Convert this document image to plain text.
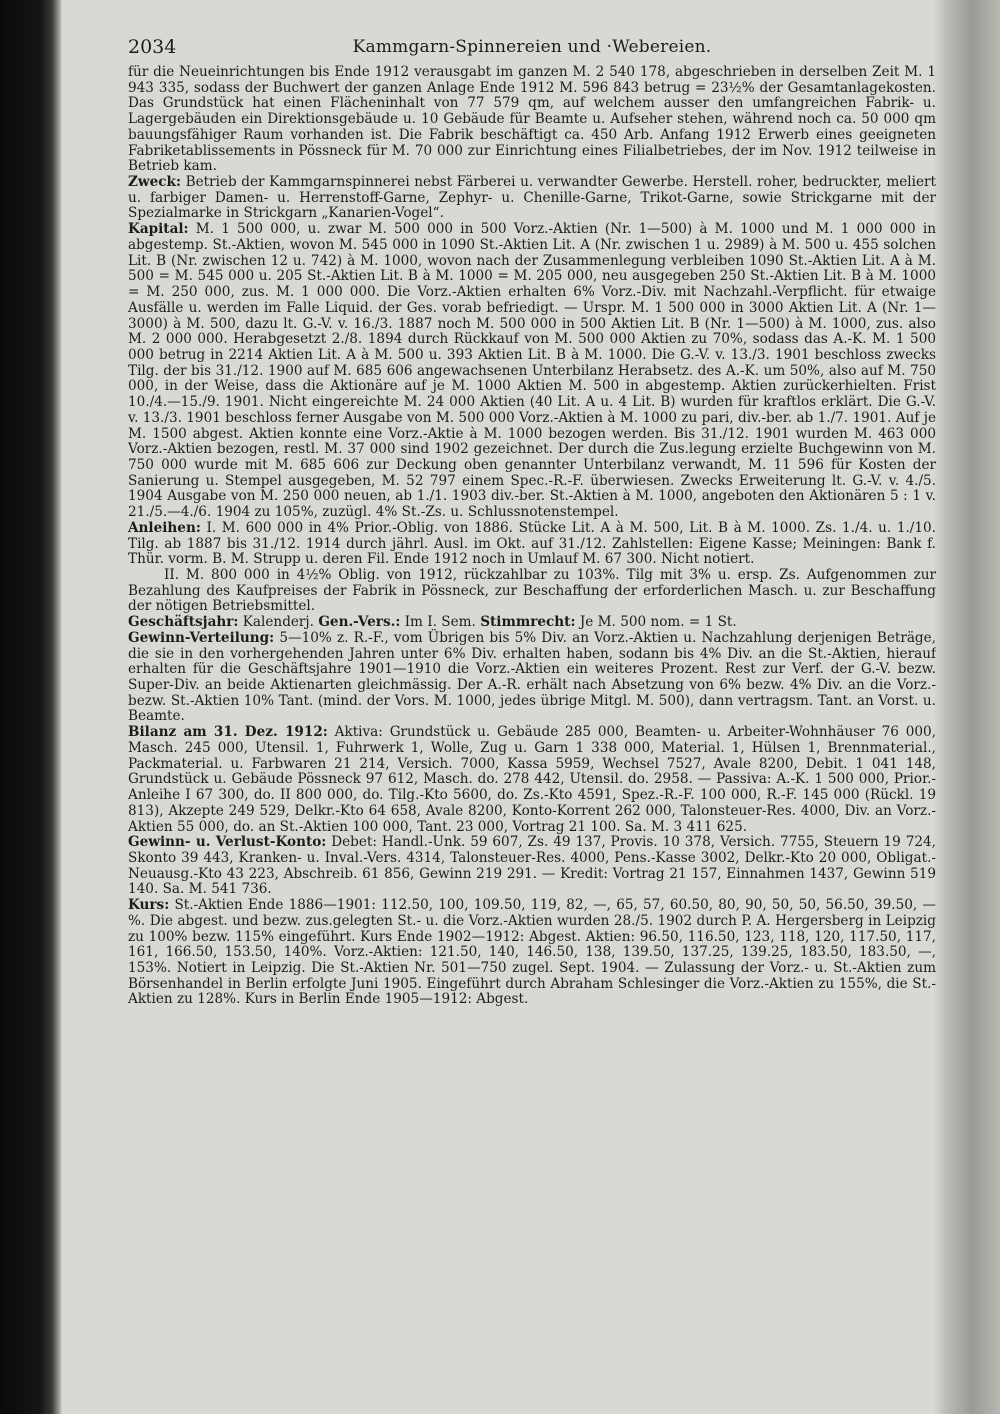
2034	Kammgarn-Spinnereien und ·Webereien.

für die Neueinrichtungen bis Ende 1912 verausgabt im ganzen M. 2 540 178, abgeschrieben in derselben Zeit M. 1 943 335, sodass der Buchwert der ganzen Anlage Ende 1912 M. 596 843 betrug = 23½% der Gesamtanlagekosten. Das Grundstück hat einen Flächeninhalt von 77 579 qm, auf welchem ausser den umfangreichen Fabrik- u. Lagergebäuden ein Direktionsgebäude u. 10 Gebäude für Beamte u. Aufseher stehen, während noch ca. 50 000 qm bauungsfähiger Raum vorhanden ist. Die Fabrik beschäftigt ca. 450 Arb. Anfang 1912 Erwerb eines geeigneten Fabriketablissements in Pössneck für M. 70 000 zur Einrichtung eines Filialbetriebes, der im Nov. 1912 teilweise in Betrieb kam.

Zweck: Betrieb der Kammgarnspinnerei nebst Färberei u. verwandter Gewerbe. Herstell. roher, bedruckter, meliert u. farbiger Damen- u. Herrenstoff-Garne, Zephyr- u. Chenille-Garne, Trikot-Garne, sowie Strickgarne mit der Spezialmarke in Strickgarn „Kanarien-Vogel“.

Kapital: M. 1 500 000, u. zwar M. 500 000 in 500 Vorz.-Aktien (Nr. 1—500) à M. 1000 und M. 1 000 000 in abgestemp. St.-Aktien, wovon M. 545 000 in 1090 St.-Aktien Lit. A (Nr. zwischen 1 u. 2989) à M. 500 u. 455 solchen Lit. B (Nr. zwischen 12 u. 742) à M. 1000, wovon nach der Zusammenlegung verbleiben 1090 St.-Aktien Lit. A à M. 500 = M. 545 000 u. 205 St.-Aktien Lit. B à M. 1000 = M. 205 000, neu ausgegeben 250 St.-Aktien Lit. B à M. 1000 = M. 250 000, zus. M. 1 000 000. Die Vorz.-Aktien erhalten 6% Vorz.-Div. mit Nachzahl.-Verpflicht. für etwaige Ausfälle u. werden im Falle Liquid. der Ges. vorab befriedigt. — Urspr. M. 1 500 000 in 3000 Aktien Lit. A (Nr. 1—3000) à M. 500, dazu lt. G.-V. v. 16./3. 1887 noch M. 500 000 in 500 Aktien Lit. B (Nr. 1—500) à M. 1000, zus. also M. 2 000 000. Herabgesetzt 2./8. 1894 durch Rückkauf von M. 500 000 Aktien zu 70%, sodass das A.-K. M. 1 500 000 betrug in 2214 Aktien Lit. A à M. 500 u. 393 Aktien Lit. B à M. 1000. Die G.-V. v. 13./3. 1901 beschloss zwecks Tilg. der bis 31./12. 1900 auf M. 685 606 angewachsenen Unterbilanz Herabsetz. des A.-K. um 50%, also auf M. 750 000, in der Weise, dass die Aktionäre auf je M. 1000 Aktien M. 500 in abgestemp. Aktien zurückerhielten. Frist 10./4.—15./9. 1901. Nicht eingereichte M. 24 000 Aktien (40 Lit. A u. 4 Lit. B) wurden für kraftlos erklärt. Die G.-V. v. 13./3. 1901 beschloss ferner Ausgabe von M. 500 000 Vorz.-Aktien à M. 1000 zu pari, div.-ber. ab 1./7. 1901. Auf je M. 1500 abgest. Aktien konnte eine Vorz.-Aktie à M. 1000 bezogen werden. Bis 31./12. 1901 wurden M. 463 000 Vorz.-Aktien bezogen, restl. M. 37 000 sind 1902 gezeichnet. Der durch die Zus.legung erzielte Buchgewinn von M. 750 000 wurde mit M. 685 606 zur Deckung oben genannter Unterbilanz verwandt, M. 11 596 für Kosten der Sanierung u. Stempel ausgegeben, M. 52 797 einem Spec.-R.-F. überwiesen. Zwecks Erweiterung lt. G.-V. v. 4./5. 1904 Ausgabe von M. 250 000 neuen, ab 1./1. 1903 div.-ber. St.-Aktien à M. 1000, angeboten den Aktionären 5 : 1 v. 21./5.—4./6. 1904 zu 105%, zuzügl. 4% St.-Zs. u. Schlussnotenstempel.

Anleihen: I. M. 600 000 in 4% Prior.-Oblig. von 1886. Stücke Lit. A à M. 500, Lit. B à M. 1000. Zs. 1./4. u. 1./10. Tilg. ab 1887 bis 31./12. 1914 durch jährl. Ausl. im Okt. auf 31./12. Zahlstellen: Eigene Kasse; Meiningen: Bank f. Thür. vorm. B. M. Strupp u. deren Fil. Ende 1912 noch in Umlauf M. 67 300. Nicht notiert.

II. M. 800 000 in 4½% Oblig. von 1912, rückzahlbar zu 103%. Tilg mit 3% u. ersp. Zs. Aufgenommen zur Bezahlung des Kaufpreises der Fabrik in Pössneck, zur Beschaffung der erforderlichen Masch. u. zur Beschaffung der nötigen Betriebsmittel.

Geschäftsjahr: Kalenderj. Gen.-Vers.: Im I. Sem. Stimmrecht: Je M. 500 nom. = 1 St.

Gewinn-Verteilung: 5—10% z. R.-F., vom Übrigen bis 5% Div. an Vorz.-Aktien u. Nachzahlung derjenigen Beträge, die sie in den vorhergehenden Jahren unter 6% Div. erhalten haben, sodann bis 4% Div. an die St.-Aktien, hierauf erhalten für die Geschäftsjahre 1901—1910 die Vorz.-Aktien ein weiteres Prozent. Rest zur Verf. der G.-V. bezw. Super-Div. an beide Aktienarten gleichmässig. Der A.-R. erhält nach Absetzung von 6% bezw. 4% Div. an die Vorz.- bezw. St.-Aktien 10% Tant. (mind. der Vors. M. 1000, jedes übrige Mitgl. M. 500), dann vertragsm. Tant. an Vorst. u. Beamte.

Bilanz am 31. Dez. 1912: Aktiva: Grundstück u. Gebäude 285 000, Beamten- u. Arbeiter-Wohnhäuser 76 000, Masch. 245 000, Utensil. 1, Fuhrwerk 1, Wolle, Zug u. Garn 1 338 000, Material. 1, Hülsen 1, Brennmaterial., Packmaterial. u. Farbwaren 21 214, Versich. 7000, Kassa 5959, Wechsel 7527, Avale 8200, Debit. 1 041 148, Grundstück u. Gebäude Pössneck 97 612, Masch. do. 278 442, Utensil. do. 2958. — Passiva: A.-K. 1 500 000, Prior.-Anleihe I 67 300, do. II 800 000, do. Tilg.-Kto 5600, do. Zs.-Kto 4591, Spez.-R.-F. 100 000, R.-F. 145 000 (Rückl. 19 813), Akzepte 249 529, Delkr.-Kto 64 658, Avale 8200, Konto-Korrent 262 000, Talonsteuer-Res. 4000, Div. an Vorz.-Aktien 55 000, do. an St.-Aktien 100 000, Tant. 23 000, Vortrag 21 100. Sa. M. 3 411 625.

Gewinn- u. Verlust-Konto: Debet: Handl.-Unk. 59 607, Zs. 49 137, Provis. 10 378, Versich. 7755, Steuern 19 724, Skonto 39 443, Kranken- u. Inval.-Vers. 4314, Talonsteuer-Res. 4000, Pens.-Kasse 3002, Delkr.-Kto 20 000, Obligat.-Neuausg.-Kto 43 223, Abschreib. 61 856, Gewinn 219 291. — Kredit: Vortrag 21 157, Einnahmen 1437, Gewinn 519 140. Sa. M. 541 736.

Kurs: St.-Aktien Ende 1886—1901: 112.50, 100, 109.50, 119, 82, —, 65, 57, 60.50, 80, 90, 50, 50, 56.50, 39.50, —%. Die abgest. und bezw. zus.gelegten St.- u. die Vorz.-Aktien wurden 28./5. 1902 durch P. A. Hergersberg in Leipzig zu 100% bezw. 115% eingeführt. Kurs Ende 1902—1912: Abgest. Aktien: 96.50, 116.50, 123, 118, 120, 117.50, 117, 161, 166.50, 153.50, 140%. Vorz.-Aktien: 121.50, 140, 146.50, 138, 139.50, 137.25, 139.25, 183.50, 183.50, —, 153%. Notiert in Leipzig. Die St.-Aktien Nr. 501—750 zugel. Sept. 1904. — Zulassung der Vorz.- u. St.-Aktien zum Börsenhandel in Berlin erfolgte Juni 1905. Eingeführt durch Abraham Schlesinger die Vorz.-Aktien zu 155%, die St.-Aktien zu 128%. Kurs in Berlin Ende 1905—1912: Abgest.
